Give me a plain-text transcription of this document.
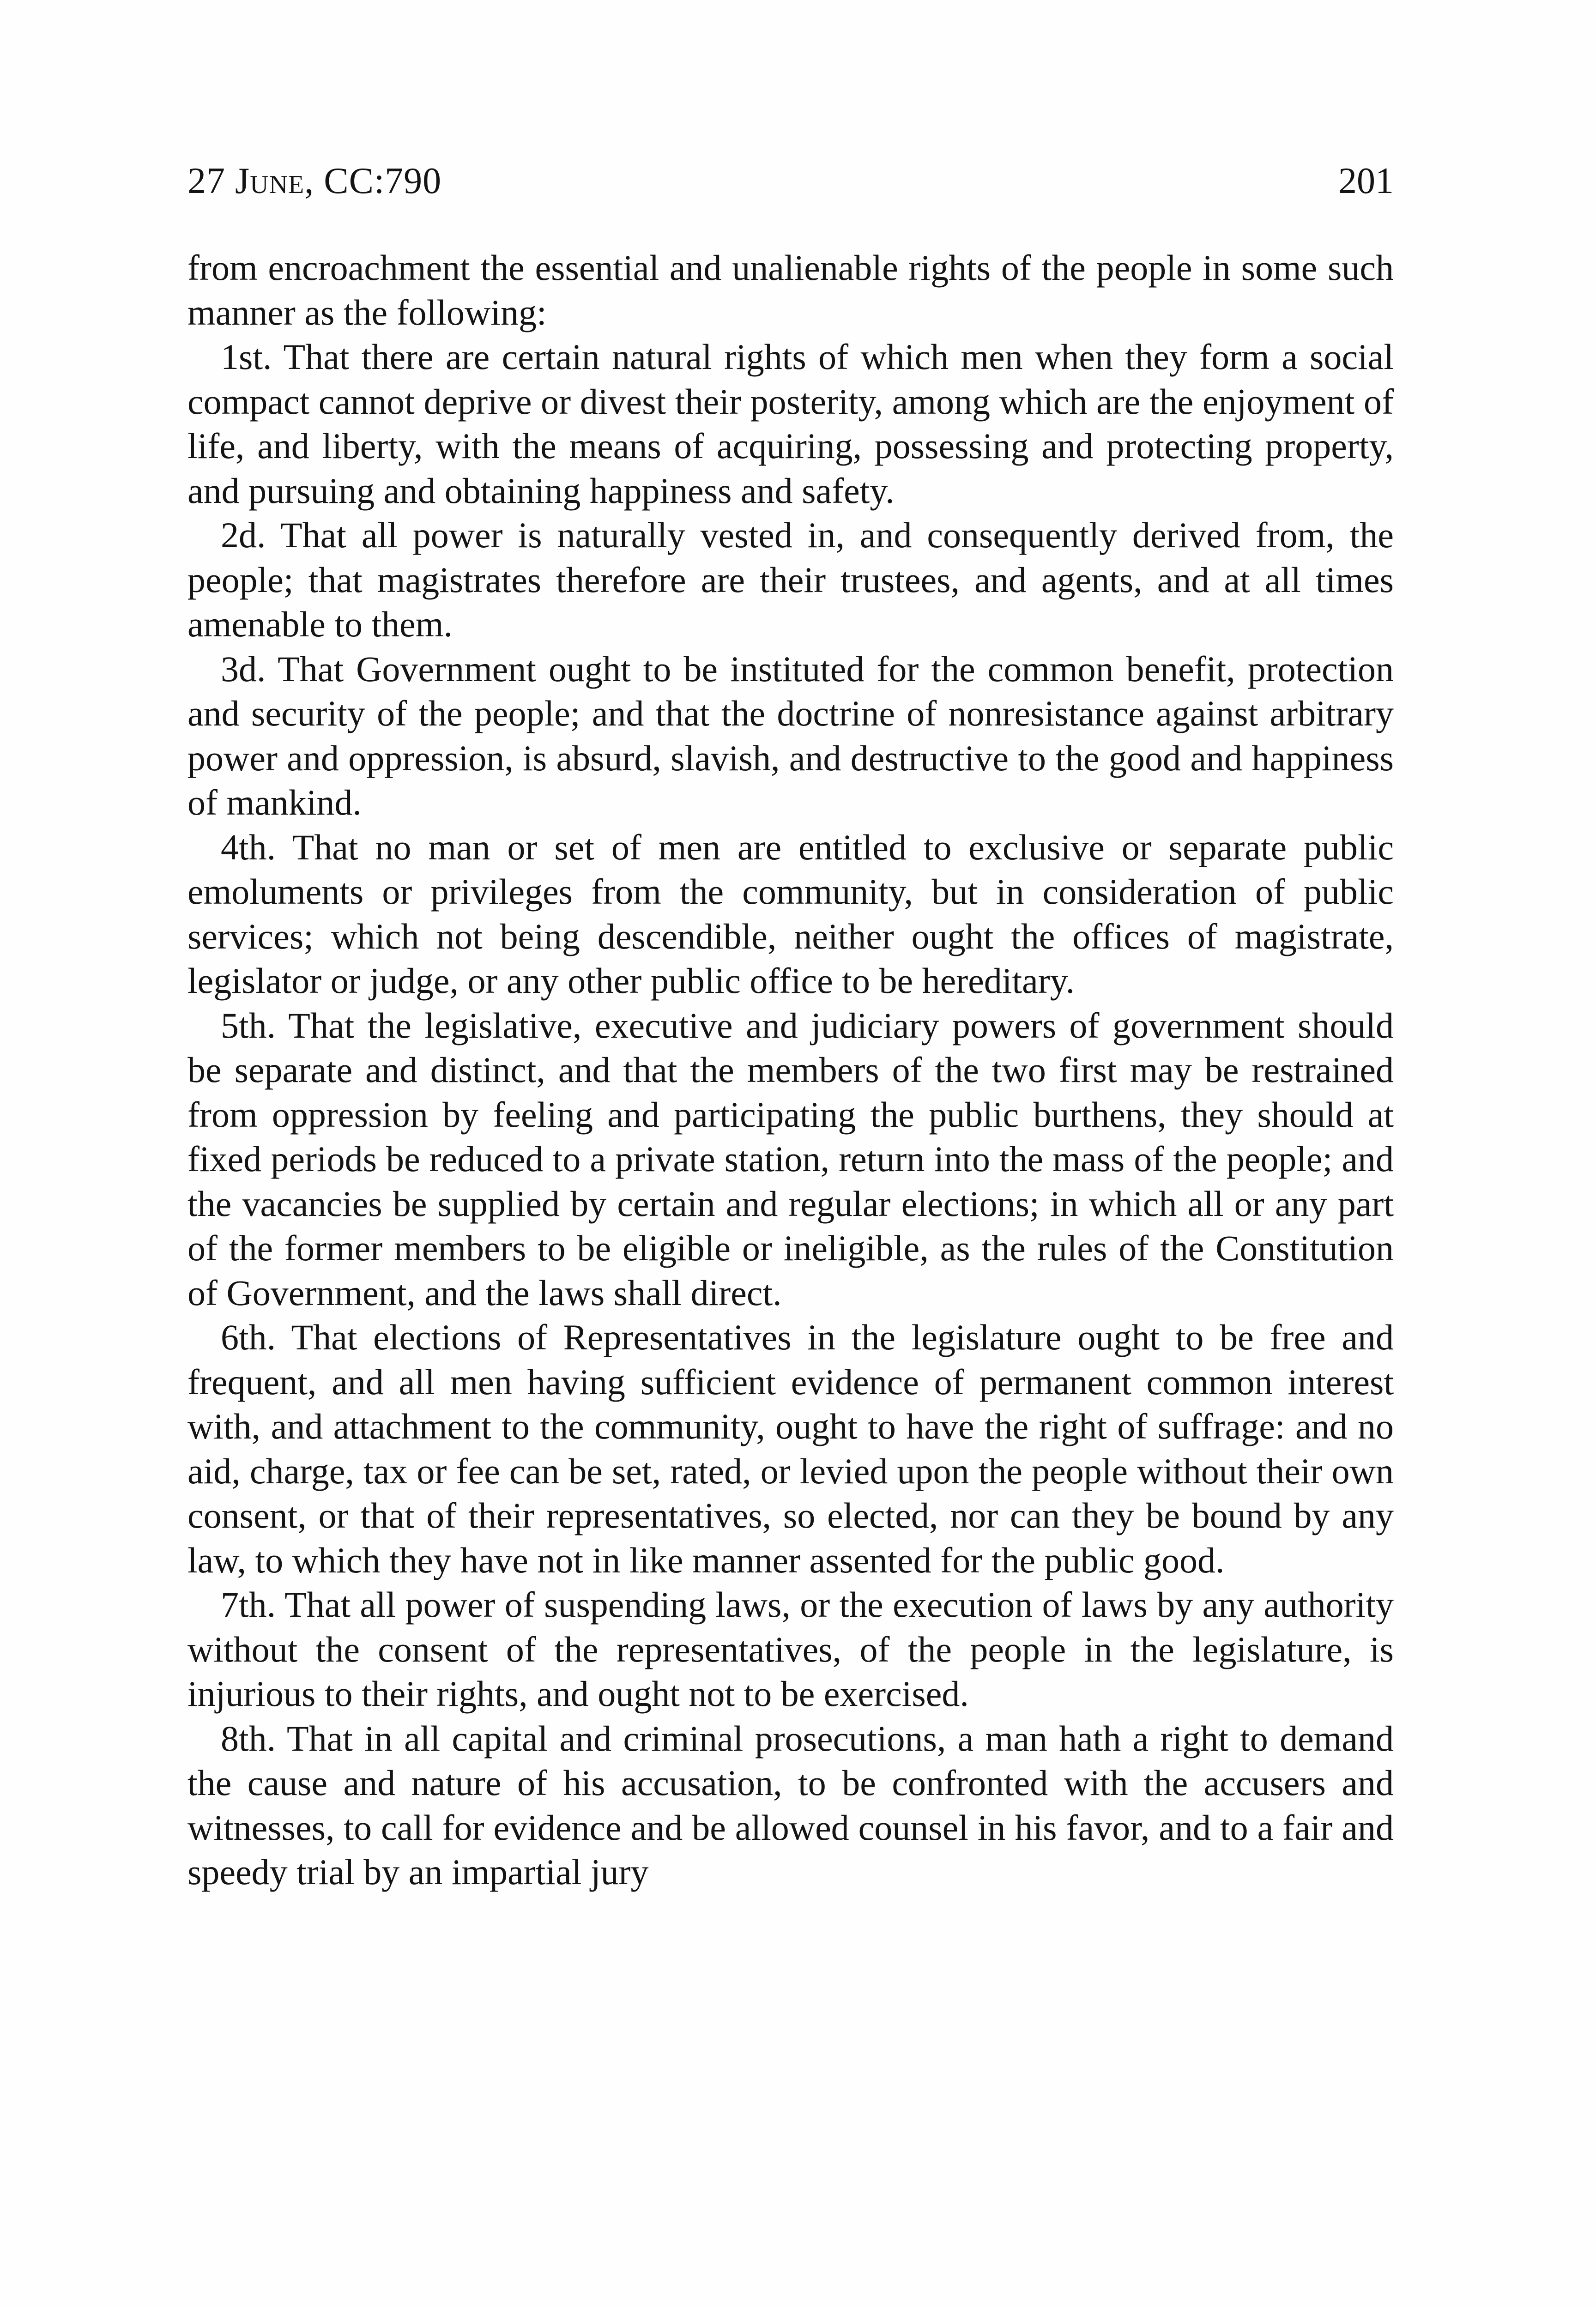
27 June, CC:790	201

from encroachment the essential and unalienable rights of the people in some such manner as the following:

1st. That there are certain natural rights of which men when they form a social compact cannot deprive or divest their posterity, among which are the enjoyment of life, and liberty, with the means of acquiring, possessing and protecting property, and pursuing and obtaining happiness and safety.

2d. That all power is naturally vested in, and consequently derived from, the people; that magistrates therefore are their trustees, and agents, and at all times amenable to them.

3d. That Government ought to be instituted for the common benefit, protection and security of the people; and that the doctrine of nonresistance against arbitrary power and oppression, is absurd, slavish, and destructive to the good and happiness of mankind.

4th. That no man or set of men are entitled to exclusive or separate public emoluments or privileges from the community, but in consideration of public services; which not being descendible, neither ought the offices of magistrate, legislator or judge, or any other public office to be hereditary.

5th. That the legislative, executive and judiciary powers of government should be separate and distinct, and that the members of the two first may be restrained from oppression by feeling and participating the public burthens, they should at fixed periods be reduced to a private station, return into the mass of the people; and the vacancies be supplied by certain and regular elections; in which all or any part of the former members to be eligible or ineligible, as the rules of the Constitution of Government, and the laws shall direct.

6th. That elections of Representatives in the legislature ought to be free and frequent, and all men having sufficient evidence of permanent common interest with, and attachment to the community, ought to have the right of suffrage: and no aid, charge, tax or fee can be set, rated, or levied upon the people without their own consent, or that of their representatives, so elected, nor can they be bound by any law, to which they have not in like manner assented for the public good.

7th. That all power of suspending laws, or the execution of laws by any authority without the consent of the representatives, of the people in the legislature, is injurious to their rights, and ought not to be exercised.

8th. That in all capital and criminal prosecutions, a man hath a right to demand the cause and nature of his accusation, to be confronted with the accusers and witnesses, to call for evidence and be allowed counsel in his favor, and to a fair and speedy trial by an impartial jury
